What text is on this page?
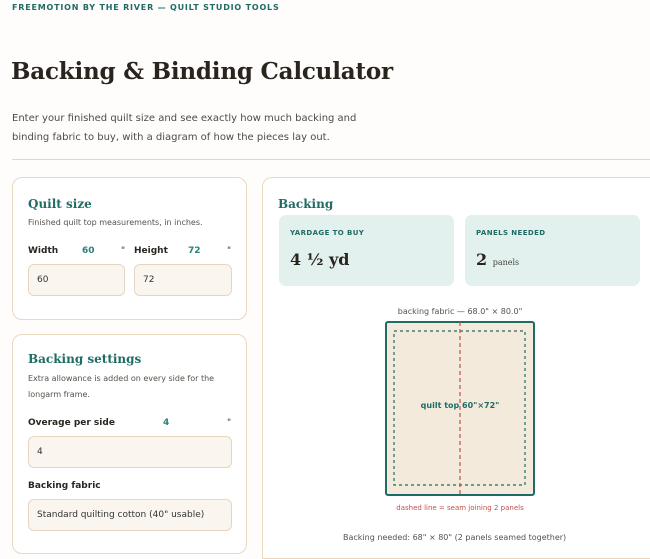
FREEMOTION BY THE RIVER — QUILT STUDIO TOOLS
Backing & Binding Calculator

Enter your finished quilt size and see exactly how much backing and binding fabric to buy, with a diagram of how the pieces lay out.

Quilt size
Finished quilt top measurements, in inches.
Width	60	"
60
Height 72	"
72
Backing settings
Extra allowance is added on every side for the longarm frame.
Overage per side	4	"
4
Backing fabric
Standard quilting cotton (40" usable)
Backing
YARDAGE TO BUY
4 ½ yd
PANELS NEEDED
2 panels
backing fabric — 68.0" × 80.0"
quilt top 60"×72"
dashed line = seam joining 2 panels
Backing needed: 68" × 80" (2 panels seamed together)
